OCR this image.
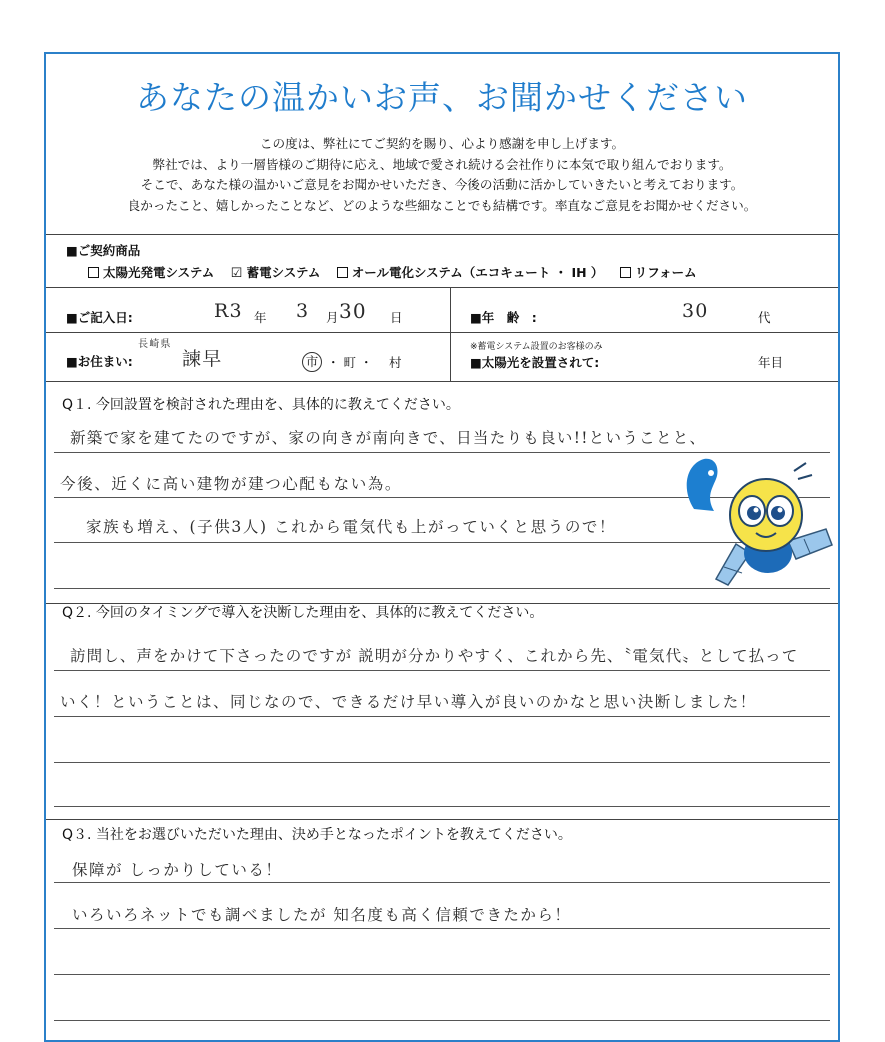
あなたの温かいお声、お聞かせください
この度は、弊社にてご契約を賜り、心より感謝を申し上げます。
弊社では、より一層皆様のご期待に応え、地域で愛され続ける会社作りに本気で取り組んでおります。
そこで、あなた様の温かいご意見をお聞かせいただき、今後の活動に活かしていきたいと考えております。
良かったこと、嬉しかったことなど、どのような些細なことでも結構です。率直なご意見をお聞かせください。
■ご契約商品
太陽光発電システム ☑ 蓄電システム	オール電化システム（エコキュート ・ IH ）	リフォーム
■ご記入日:	R3 年 3 月 30 日	■年　齢　:	30	代
長崎県
■お住まい:	諫早	市 ・ 町 ・ 村
※蓄電システム設置のお客様のみ
■太陽光を設置されて:	年目
Q１. 今回設置を検討された理由を、具体的に教えてください。
新築で家を建てたのですが、家の向きが南向きで、日当たりも良い!!ということと、
今後、近くに高い建物が建つ心配もない為。
家族も増え、(子供3人) これから電気代も上がっていくと思うので！
Q２. 今回のタイミングで導入を決断した理由を、具体的に教えてください。
訪問し、声をかけて下さったのですが 説明が分かりやすく、これから先、〝電気代〟として払って
いく！ということは、同じなので、できるだけ早い導入が良いのかなと思い決断しました！
Q３. 当社をお選びいただいた理由、決め手となったポイントを教えてください。
保障が しっかりしている！
いろいろネットでも調べましたが 知名度も高く信頼できたから！
